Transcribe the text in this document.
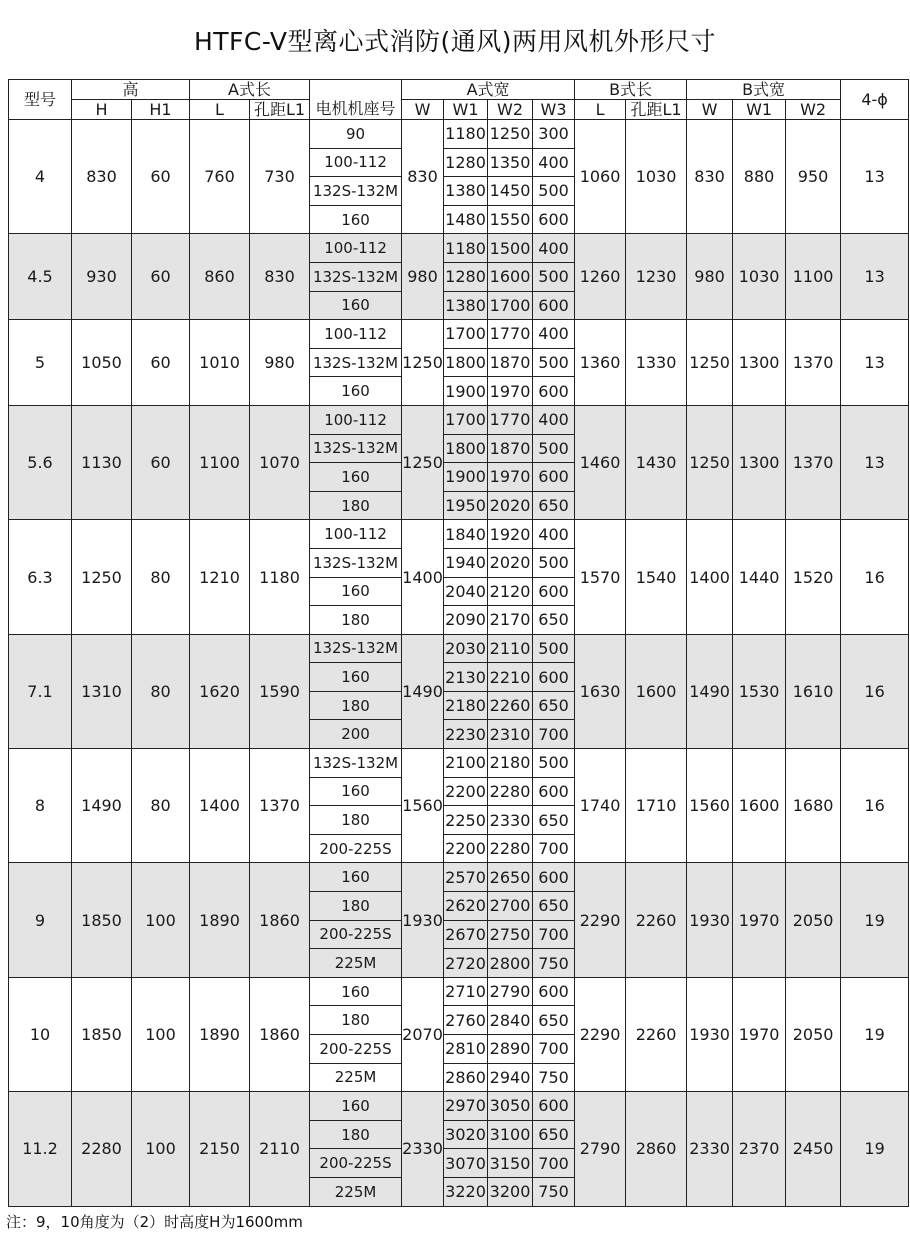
HTFC-V型离心式消防(通风)两用风机外形尺寸
型号	高		A式长			A式宽				B式长		B式宽			4-ϕ
	H	H1	L	孔距L1	电机机座号	W	W1	W2	W3	L	孔距L1	W	W1	W2	
4	830	60	760	730	90	830	1180	1250	300	1060	1030	830	880	950	13
					100-112		1280	1350	400						
					132S-132M		1380	1450	500						
					160		1480	1550	600						
4.5	930	60	860	830	100-112	980	1180	1500	400	1260	1230	980	1030	1100	13
					132S-132M		1280	1600	500						
					160		1380	1700	600						
5	1050	60	1010	980	100-112	1250	1700	1770	400	1360	1330	1250	1300	1370	13
					132S-132M		1800	1870	500						
					160		1900	1970	600						
5.6	1130	60	1100	1070	100-112	1250	1700	1770	400	1460	1430	1250	1300	1370	13
					132S-132M		1800	1870	500						
					160		1900	1970	600						
					180		1950	2020	650						
6.3	1250	80	1210	1180	100-112	1400	1840	1920	400	1570	1540	1400	1440	1520	16
					132S-132M		1940	2020	500						
					160		2040	2120	600						
					180		2090	2170	650						
7.1	1310	80	1620	1590	132S-132M	1490	2030	2110	500	1630	1600	1490	1530	1610	16
					160		2130	2210	600						
					180		2180	2260	650						
					200		2230	2310	700						
8	1490	80	1400	1370	132S-132M	1560	2100	2180	500	1740	1710	1560	1600	1680	16
					160		2200	2280	600						
					180		2250	2330	650						
					200-225S		2200	2280	700						
9	1850	100	1890	1860	160	1930	2570	2650	600	2290	2260	1930	1970	2050	19
					180		2620	2700	650						
					200-225S		2670	2750	700						
					225M		2720	2800	750						
10	1850	100	1890	1860	160	2070	2710	2790	600	2290	2260	1930	1970	2050	19
					180		2760	2840	650						
					200-225S		2810	2890	700						
					225M		2860	2940	750						
11.2	2280	100	2150	2110	160	2330	2970	3050	600	2790	2860	2330	2370	2450	19
					180		3020	3100	650						
					200-225S		3070	3150	700						
					225M		3220	3200	750						
注：9，10角度为（2）时高度H为1600mm
